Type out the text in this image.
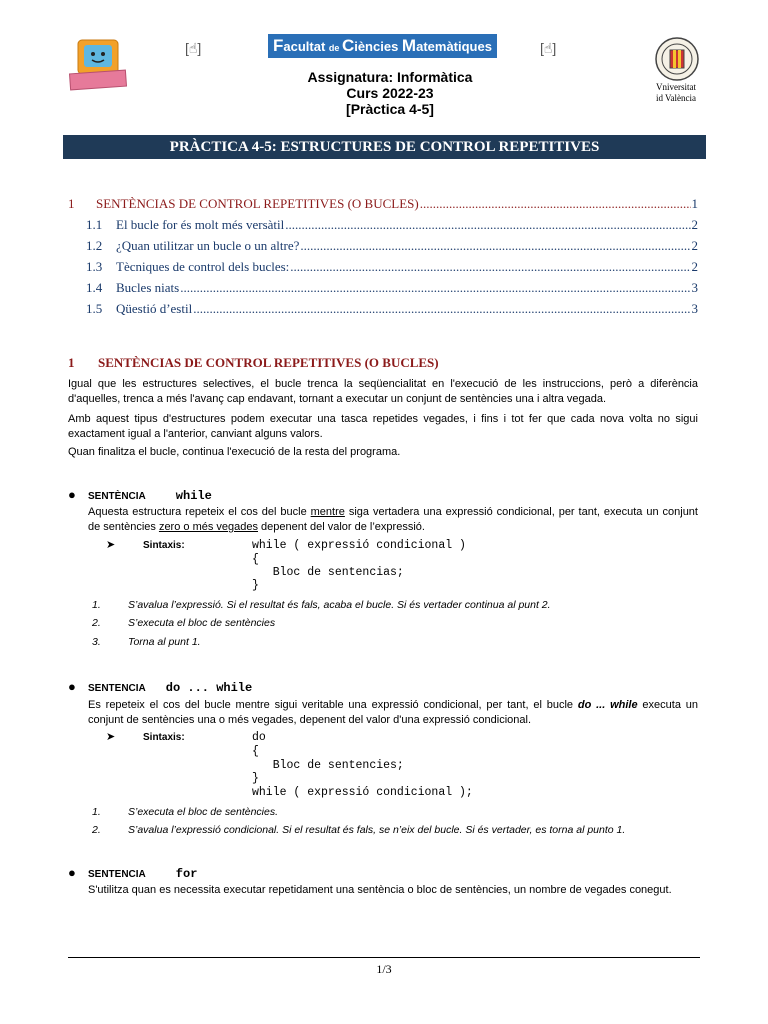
[☝︎]	Facultat de Ciències Matemàtiques	[☝︎]
Assignatura: Informàtica
Curs 2022-23
[Pràctica 4-5]
Vniversitat
id València
PRÀCTICA 4-5: ESTRUCTURES DE CONTROL REPETITIVES
1	SENTÈNCIAS DE CONTROL REPETITIVES (O BUCLES) .....	1
1.1	El bucle for és molt més versàtil .....	2
1.2	¿Quan utilitzar un bucle o un altre? .....	2
1.3	Tècniques de control dels bucles: .....	2
1.4	Bucles niats .....	3
1.5	Qüestió d’estil .....	3
1 SENTÈNCIAS DE CONTROL REPETITIVES (O BUCLES)
Igual que les estructures selectives, el bucle trenca la seqüencialitat en l'execució de les instruccions, però a diferència d'aquelles, trenca a més l'avanç cap endavant, tornant a executar un conjunt de sentències una i altra vegada.
Amb aquest tipus d'estructures podem executar una tasca repetides vegades, i fins i tot fer que cada nova volta no sigui exactament igual a l'anterior, canviant alguns valors.
Quan finalitza el bucle, continua l'execució de la resta del programa.
●	SENTÈNCIA	while
Aquesta estructura repeteix el cos del bucle mentre siga vertadera una expressió condicional, per tant, executa un conjunt de sentències zero o més vegades depenent del valor de l’expressió.
➤	Sintaxis:	while ( expressió condicional )
{
Bloc de sentencias;
}
1.	S’avalua l’expressió. Si el resultat és fals, acaba el bucle. Si és vertader continua al punt 2.
2.	S’executa el bloc de sentències
3.	Torna al punt 1.
●	SENTENCIA do ... while
Es repeteix el cos del bucle mentre sigui veritable una expressió condicional, per tant, el bucle do ... while executa un conjunt de sentències una o més vegades, depenent del valor d'una expressió condicional.
➤	Sintaxis:	do
{
Bloc de sentencies;
}
while ( expressió condicional );
1.	S’executa el bloc de sentències.
2.	S’avalua l’expressió condicional. Si el resultat és fals, se n’eix del bucle. Si és vertader, es torna al punto 1.
●	SENTENCIA	for
S'utilitza quan es necessita executar repetidament una sentència o bloc de sentències, un nombre de vegades conegut.
1/3
